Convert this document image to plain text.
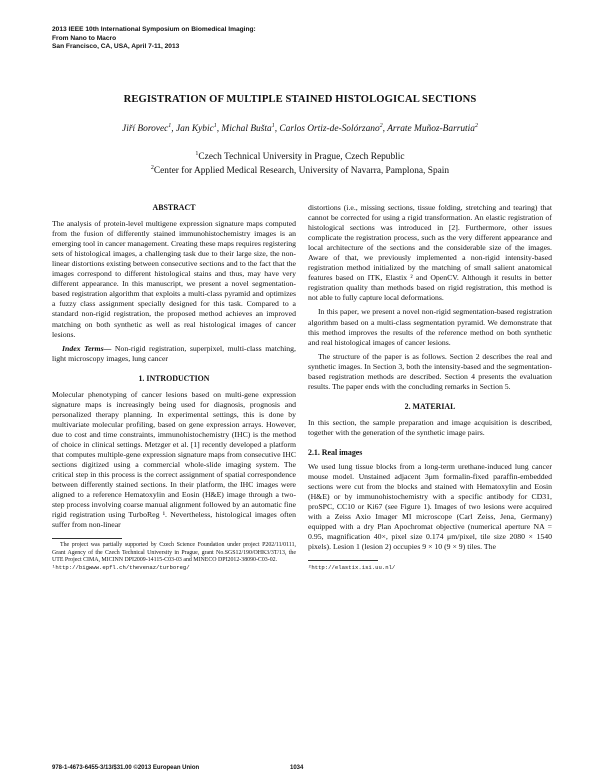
2013 IEEE 10th International Symposium on Biomedical Imaging:
From Nano to Macro
San Francisco, CA, USA, April 7-11, 2013
REGISTRATION OF MULTIPLE STAINED HISTOLOGICAL SECTIONS
Jiří Borovec$^1$, Jan Kybic$^1$, Michal Bušta$^1$, Carlos Ortiz-de-Solórzano$^2$, Arrate Muñoz-Barrutia$^2$
$^1$Czech Technical University in Prague, Czech Republic
$^2$Center for Applied Medical Research, University of Navarra, Pamplona, Spain
ABSTRACT

The analysis of protein-level multigene expression signature maps computed from the fusion of differently stained immunohistochemistry images is an emerging tool in cancer management. Creating these maps requires registering sets of histological images, a challenging task due to their large size, the non-linear distortions existing between consecutive sections and to the fact that the images correspond to different histological stains and thus, may have very different appearance. In this manuscript, we present a novel segmentation-based registration algorithm that exploits a multi-class pyramid and optimizes a fuzzy class assignment specially designed for this task. Compared to a standard non-rigid registration, the proposed method achieves an improved matching on both synthetic as well as real histological images of cancer lesions.

Index Terms— Non-rigid registration, superpixel, multi-class matching, light microscopy images, lung cancer

1. INTRODUCTION

Molecular phenotyping of cancer lesions based on multi-gene expression signature maps is increasingly being used for diagnosis, prognosis and personalized therapy planning. In experimental settings, this is done by multivariate molecular profiling, based on gene expression arrays. However, due to cost and time constraints, immunohistochemistry (IHC) is the method of choice in clinical settings. Metzger et al. [1] recently developed a platform that computes multiple-gene expression signature maps from consecutive IHC sections digitized using a commercial whole-slide imaging system. The critical step in this process is the correct assignment of spatial correspondence between differently stained sections. In their platform, the IHC images were aligned to a reference Hematoxylin and Eosin (H&E) image through a two-step process involving coarse manual alignment followed by an automatic fine rigid registration using TurboReg ¹. Nevertheless, histological images often suffer from non-linear

The project was partially supported by Czech Science Foundation under project P202/11/0111, Grant Agency of the Czech Technical University in Prague, grant No.SGS12/190/OHK3/3T/13, the UTE Project CIMA, MICINN DPI2009-14115-C03-03 and MINECO DPI2012-38090-C03-02.

¹http://bigwww.epfl.ch/thevenaz/turboreg/

distortions (i.e., missing sections, tissue folding, stretching and tearing) that cannot be corrected for using a rigid transformation. An elastic registration of histological sections was introduced in [2]. Furthermore, other issues complicate the registration process, such as the very different appearance and local architecture of the sections and the considerable size of the images. Aware of that, we previously implemented a non-rigid intensity-based registration method initialized by the matching of small salient anatomical features based on ITK, Elastix ² and OpenCV. Although it results in better registration quality than methods based on rigid registration, this method is not able to fully capture local deformations.

In this paper, we present a novel non-rigid segmentation-based registration algorithm based on a multi-class segmentation pyramid. We demonstrate that this method improves the results of the reference method on both synthetic and real histological images of cancer lesions.

The structure of the paper is as follows. Section 2 describes the real and synthetic images. In Section 3, both the intensity-based and the segmentation-based registration methods are described. Section 4 presents the evaluation results. The paper ends with the concluding remarks in Section 5.

2. MATERIAL

In this section, the sample preparation and image acquisition is described, together with the generation of the synthetic image pairs.

2.1. Real images

We used lung tissue blocks from a long-term urethane-induced lung cancer mouse model. Unstained adjacent 3μm formalin-fixed paraffin-embedded sections were cut from the blocks and stained with Hematoxylin and Eosin (H&E) or by immunohistochemistry with a specific antibody for CD31, proSPC, CC10 or Ki67 (see Figure 1). Images of two lesions were acquired with a Zeiss Axio Imager MI microscope (Carl Zeiss, Jena, Germany) equipped with a dry Plan Apochromat objective (numerical aperture NA = 0.95, magnification 40×, pixel size 0.174 μm/pixel, tile size 2080 × 1540 pixels). Lesion 1 (lesion 2) occupies 9 × 10 (9 × 9) tiles. The

²http://elastix.isi.uu.nl/

978-1-4673-6455-3/13/$31.00 ©2013 European Union	1034
